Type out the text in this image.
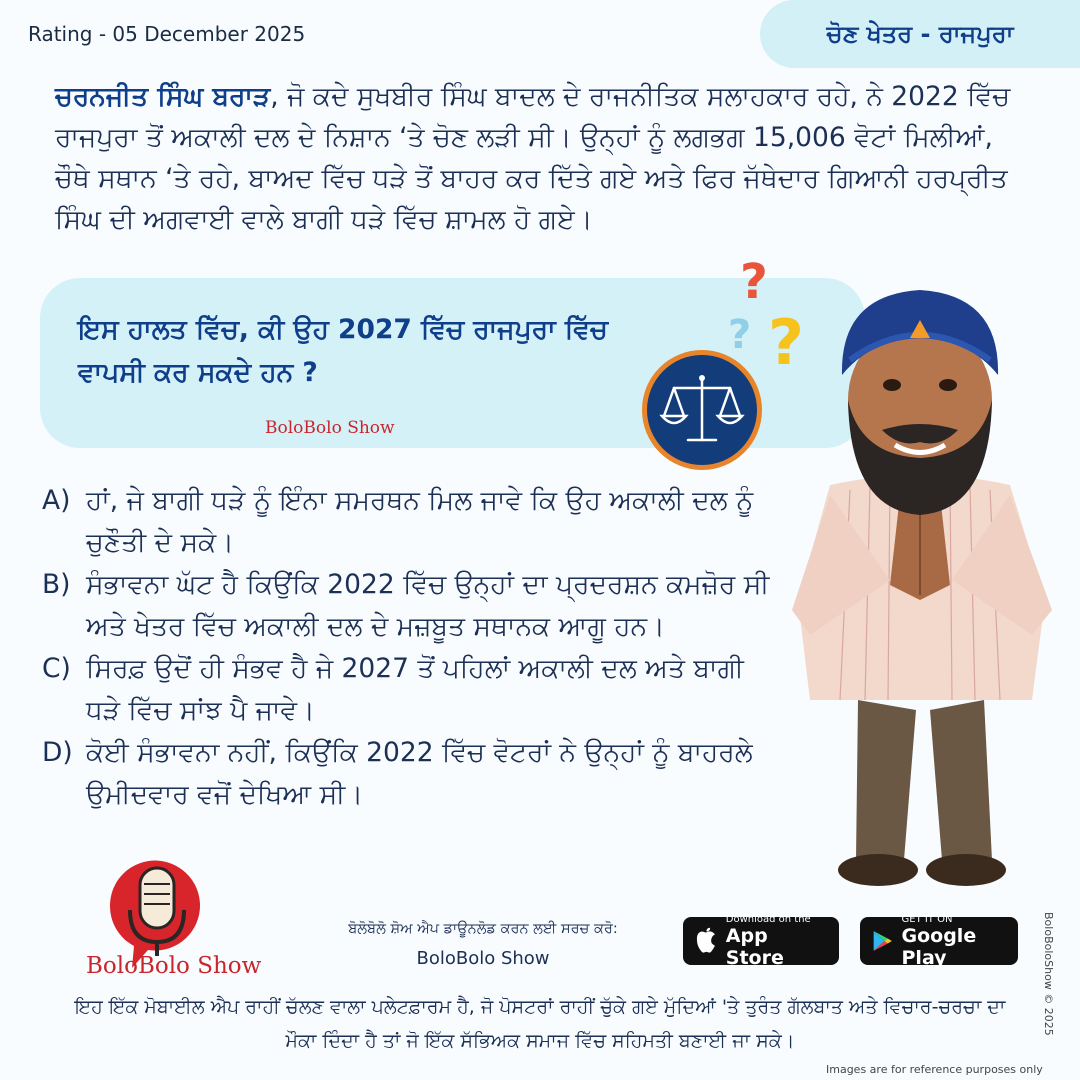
Rating - 05 December 2025	ਚੋਣ ਖੇਤਰ - ਰਾਜਪੁਰਾ

ਚਰਨਜੀਤ ਸਿੰਘ ਬਰਾੜ, ਜੋ ਕਦੇ ਸੁਖਬੀਰ ਸਿੰਘ ਬਾਦਲ ਦੇ ਰਾਜਨੀਤਿਕ ਸਲਾਹਕਾਰ ਰਹੇ, ਨੇ 2022 ਵਿੱਚ ਰਾਜਪੁਰਾ ਤੋਂ ਅਕਾਲੀ ਦਲ ਦੇ ਨਿਸ਼ਾਨ ‘ਤੇ ਚੋਣ ਲੜੀ ਸੀ। ਉਨ੍ਹਾਂ ਨੂੰ ਲਗਭਗ 15,006 ਵੋਟਾਂ ਮਿਲੀਆਂ, ਚੌਥੇ ਸਥਾਨ ‘ਤੇ ਰਹੇ, ਬਾਅਦ ਵਿੱਚ ਧੜੇ ਤੋਂ ਬਾਹਰ ਕਰ ਦਿੱਤੇ ਗਏ ਅਤੇ ਫਿਰ ਜੱਥੇਦਾਰ ਗਿਆਨੀ ਹਰਪ੍ਰੀਤ ਸਿੰਘ ਦੀ ਅਗਵਾਈ ਵਾਲੇ ਬਾਗੀ ਧੜੇ ਵਿੱਚ ਸ਼ਾਮਲ ਹੋ ਗਏ।

ਇਸ ਹਾਲਤ ਵਿੱਚ, ਕੀ ਉਹ 2027 ਵਿੱਚ ਰਾਜਪੁਰਾ ਵਿੱਚ ਵਾਪਸੀ ਕਰ ਸਕਦੇ ਹਨ ?

BoloBolo Show
?
? ?
A) ਹਾਂ, ਜੇ ਬਾਗੀ ਧੜੇ ਨੂੰ ਇੰਨਾ ਸਮਰਥਨ ਮਿਲ ਜਾਵੇ ਕਿ ਉਹ ਅਕਾਲੀ ਦਲ ਨੂੰ ਚੁਣੌਤੀ ਦੇ ਸਕੇ।
B) ਸੰਭਾਵਨਾ ਘੱਟ ਹੈ ਕਿਉਂਕਿ 2022 ਵਿੱਚ ਉਨ੍ਹਾਂ ਦਾ ਪ੍ਰਦਰਸ਼ਨ ਕਮਜ਼ੋਰ ਸੀ ਅਤੇ ਖੇਤਰ ਵਿੱਚ ਅਕਾਲੀ ਦਲ ਦੇ ਮਜ਼ਬੂਤ ਸਥਾਨਕ ਆਗੂ ਹਨ।
C) ਸਿਰਫ਼ ਉਦੋਂ ਹੀ ਸੰਭਵ ਹੈ ਜੇ 2027 ਤੋਂ ਪਹਿਲਾਂ ਅਕਾਲੀ ਦਲ ਅਤੇ ਬਾਗੀ ਧੜੇ ਵਿੱਚ ਸਾਂਝ ਪੈ ਜਾਵੇ।
D) ਕੋਈ ਸੰਭਾਵਨਾ ਨਹੀਂ, ਕਿਉਂਕਿ 2022 ਵਿੱਚ ਵੋਟਰਾਂ ਨੇ ਉਨ੍ਹਾਂ ਨੂੰ ਬਾਹਰਲੇ ਉਮੀਦਵਾਰ ਵਜੋਂ ਦੇਖਿਆ ਸੀ।
BoloBolo Show
ਬੋਲੋਬੋਲੋ ਸ਼ੋਅ ਐਪ ਡਾਊਨਲੋਡ ਕਰਨ ਲਈ ਸਰਚ ਕਰੋ:
BoloBolo Show
Download on the
App Store
GET IT ON
Google Play
ਇਹ ਇੱਕ ਮੋਬਾਈਲ ਐਪ ਰਾਹੀਂ ਚੱਲਣ ਵਾਲਾ ਪਲੇਟਫ਼ਾਰਮ ਹੈ, ਜੋ ਪੋਸਟਰਾਂ ਰਾਹੀਂ ਚੁੱਕੇ ਗਏ ਮੁੱਦਿਆਂ 'ਤੇ ਤੁਰੰਤ ਗੱਲਬਾਤ ਅਤੇ ਵਿਚਾਰ-ਚਰਚਾ ਦਾ ਮੌਕਾ ਦਿੰਦਾ ਹੈ ਤਾਂ ਜੋ ਇੱਕ ਸੱਭਿਅਕ ਸਮਾਜ ਵਿੱਚ ਸਹਿਮਤੀ ਬਣਾਈ ਜਾ ਸਕੇ।
BoloBoloShow © 2025
Images are for reference purposes only
